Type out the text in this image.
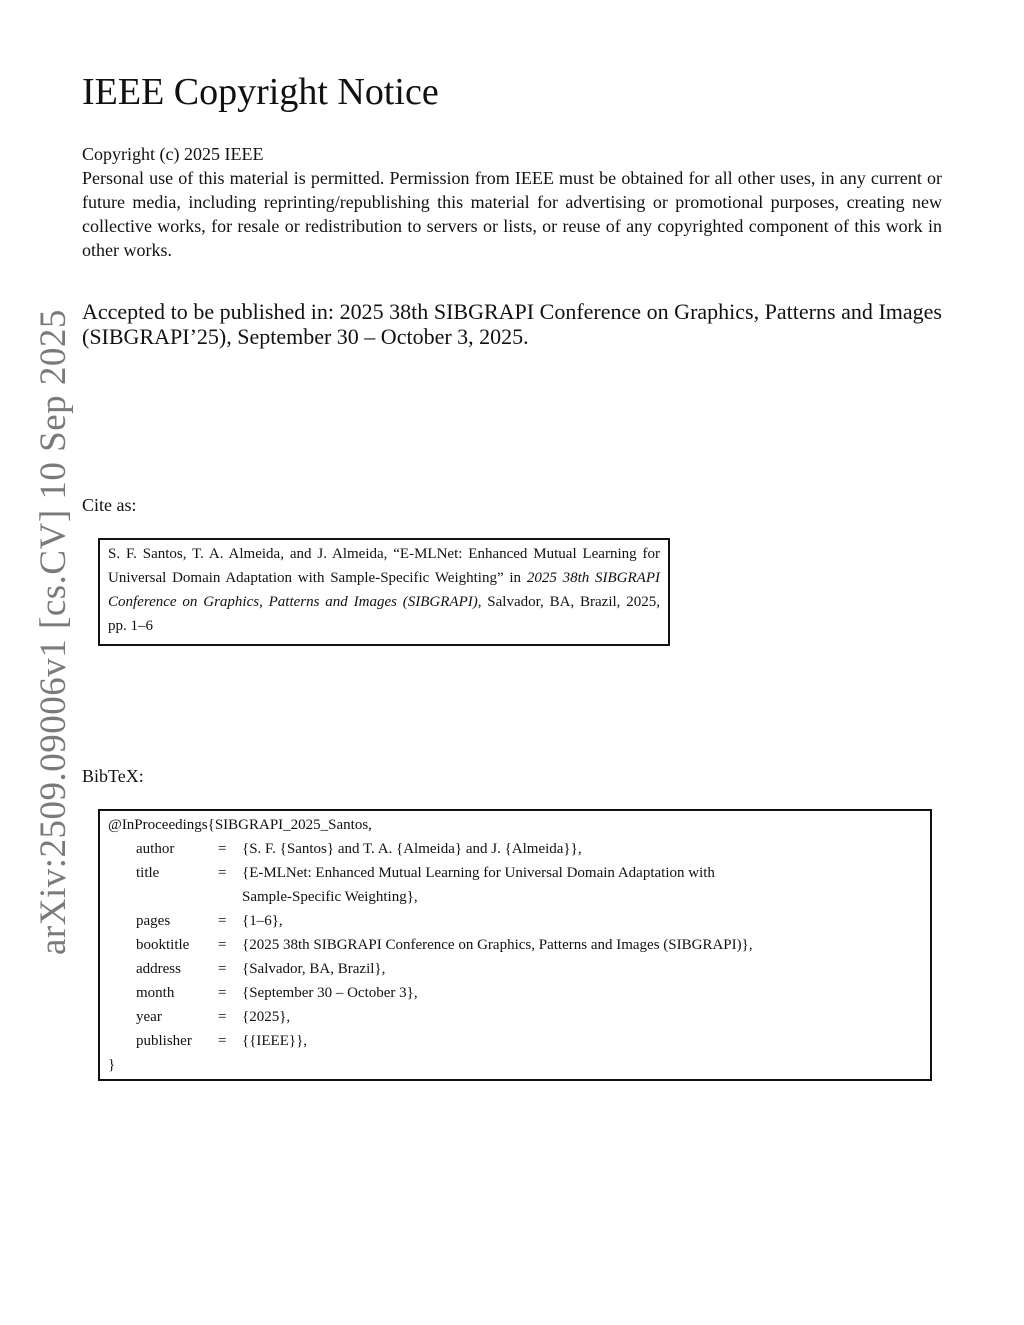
arXiv:2509.09006v1 [cs.CV] 10 Sep 2025
IEEE Copyright Notice
Copyright (c) 2025 IEEE
Personal use of this material is permitted. Permission from IEEE must be obtained for all other uses, in any current or future media, including reprinting/republishing this material for advertising or promotional purposes, creating new collective works, for resale or redistribution to servers or lists, or reuse of any copyrighted component of this work in other works.
Accepted to be published in: 2025 38th SIBGRAPI Conference on Graphics, Patterns and Images (SIBGRAPI’25), September 30 – October 3, 2025.
Cite as:
S. F. Santos, T. A. Almeida, and J. Almeida, “E-MLNet: Enhanced Mutual Learning for Universal Domain Adaptation with Sample-Specific Weighting” in 2025 38th SIBGRAPI Conference on Graphics, Patterns and Images (SIBGRAPI), Salvador, BA, Brazil, 2025, pp. 1–6
BibTeX:
@InProceedings{SIBGRAPI_2025_Santos,
author	=	{S. F. {Santos} and T. A. {Almeida} and J. {Almeida}},
title	=	{E-MLNet: Enhanced Mutual Learning for Universal Domain Adaptation with
Sample-Specific Weighting},
pages	=	{1–6},
booktitle	=	{2025 38th SIBGRAPI Conference on Graphics, Patterns and Images (SIBGRAPI)},
address	=	{Salvador, BA, Brazil},
month	=	{September 30 – October 3},
year	=	{2025},
publisher	=	{{IEEE}},
}
